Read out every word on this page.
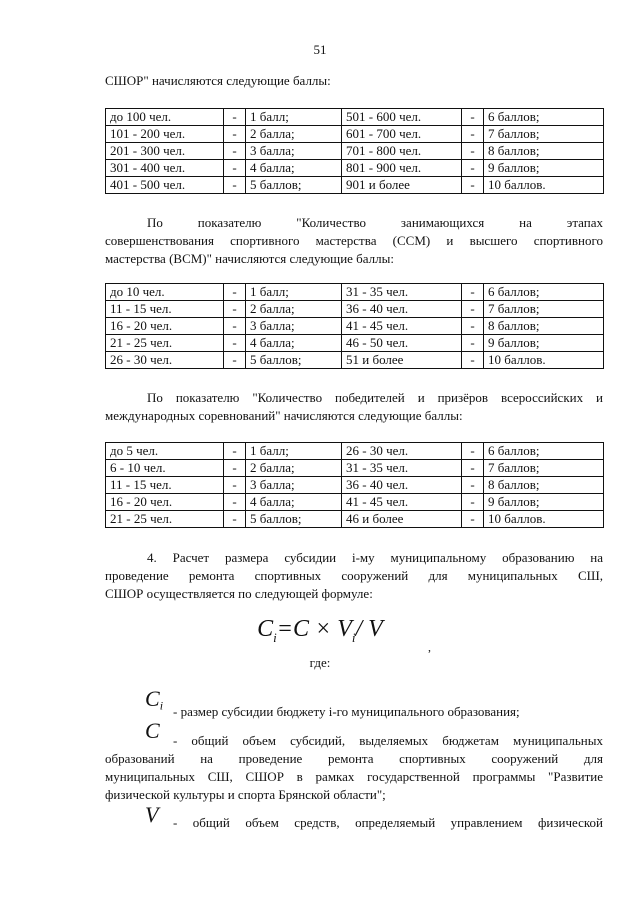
51
СШОР" начисляются следующие баллы:
до 100 чел.	-	1 балл;	501 - 600 чел.	-	6 баллов;
101 - 200 чел.	-	2 балла;	601 - 700 чел.	-	7 баллов;
201 - 300 чел.	-	3 балла;	701 - 800 чел.	-	8 баллов;
301 - 400 чел.	-	4 балла;	801 - 900 чел.	-	9 баллов;
401 - 500 чел.	-	5 баллов;	901 и более	-	10 баллов.
По показателю "Количество занимающихся на этапах
совершенствования спортивного мастерства (ССМ) и высшего спортивного
мастерства (ВСМ)" начисляются следующие баллы:
до 10 чел.	-	1 балл;	31 - 35 чел.	-	6 баллов;
11 - 15 чел.	-	2 балла;	36 - 40 чел.	-	7 баллов;
16 - 20 чел.	-	3 балла;	41 - 45 чел.	-	8 баллов;
21 - 25 чел.	-	4 балла;	46 - 50 чел.	-	9 баллов;
26 - 30 чел.	-	5 баллов;	51 и более	-	10 баллов.
По показателю "Количество победителей и призёров всероссийских и
международных соревнований" начисляются следующие баллы:
до 5 чел.	-	1 балл;	26 - 30 чел.	-	6 баллов;
6 - 10 чел.	-	2 балла;	31 - 35 чел.	-	7 баллов;
11 - 15 чел.	-	3 балла;	36 - 40 чел.	-	8 баллов;
16 - 20 чел.	-	4 балла;	41 - 45 чел.	-	9 баллов;
21 - 25 чел.	-	5 баллов;	46 и более	-	10 баллов.
4. Расчет размера субсидии i-му муниципальному образованию на
проведение ремонта спортивных сооружений для муниципальных СШ,
СШОР осуществляется по следующей формуле:
$C_i=C \times V_i/$ V
,
где:
$C_i$ - размер субсидии бюджету i-го муниципального образования;
C - общий объем субсидий, выделяемых бюджетам муниципальных
образований на проведение ремонта спортивных сооружений для
муниципальных СШ, СШОР в рамках государственной программы "Развитие
физической культуры и спорта Брянской области";
V - общий объем средств, определяемый управлением физической
